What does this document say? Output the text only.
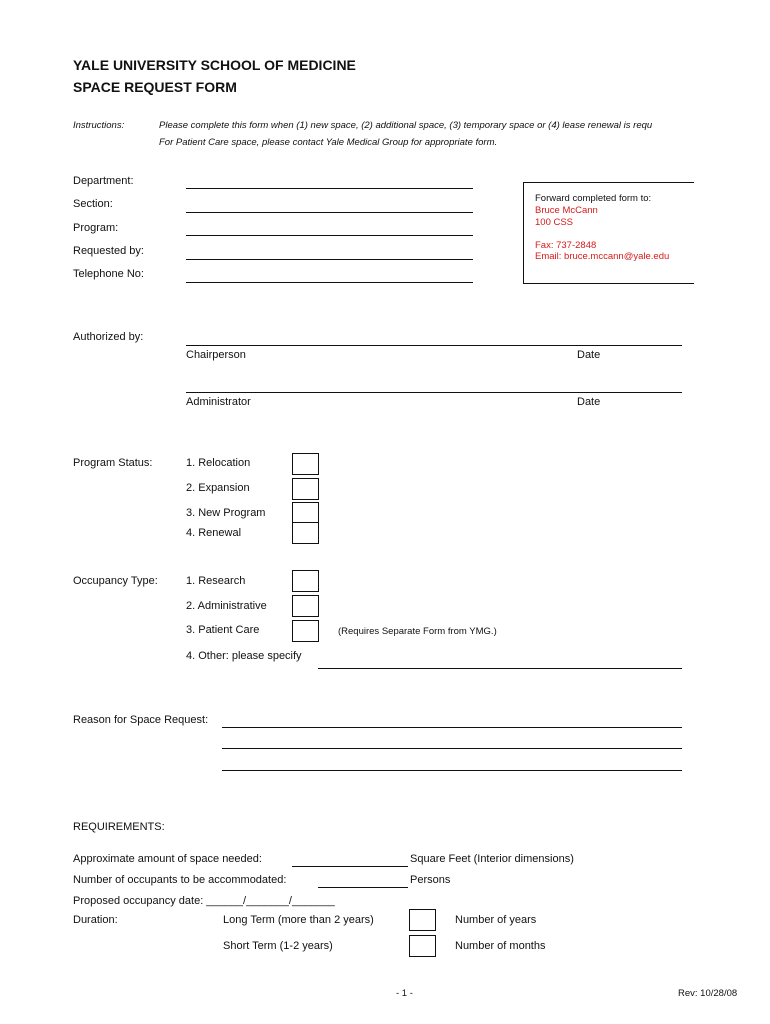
YALE UNIVERSITY SCHOOL OF MEDICINE
SPACE REQUEST FORM
Instructions:	Please complete this form when (1) new space, (2) additional space, (3) temporary space or (4) lease renewal is requ
For Patient Care space, please contact Yale Medical Group for appropriate form.
Department:
Section:
Program:
Requested by:
Telephone No:
Forward completed form to:
Bruce McCann
100 CSS
Fax: 737-2848
Email: bruce.mccann@yale.edu
Authorized by:
Chairperson	Date
Administrator	Date
Program Status:	1. Relocation
2. Expansion
3. New Program
4. Renewal
Occupancy Type:	1. Research
2. Administrative
3. Patient Care	(Requires Separate Form from YMG.)
4. Other: please specify
Reason for Space Request:
REQUIREMENTS:
Approximate amount of space needed:	Square Feet (Interior dimensions)
Number of occupants to be accommodated:	Persons
Proposed occupancy date: ______/_______/_______
Duration:	Long Term (more than 2 years)	Number of years
Short Term (1-2 years)	Number of months
- 1 -	Rev: 10/28/08
